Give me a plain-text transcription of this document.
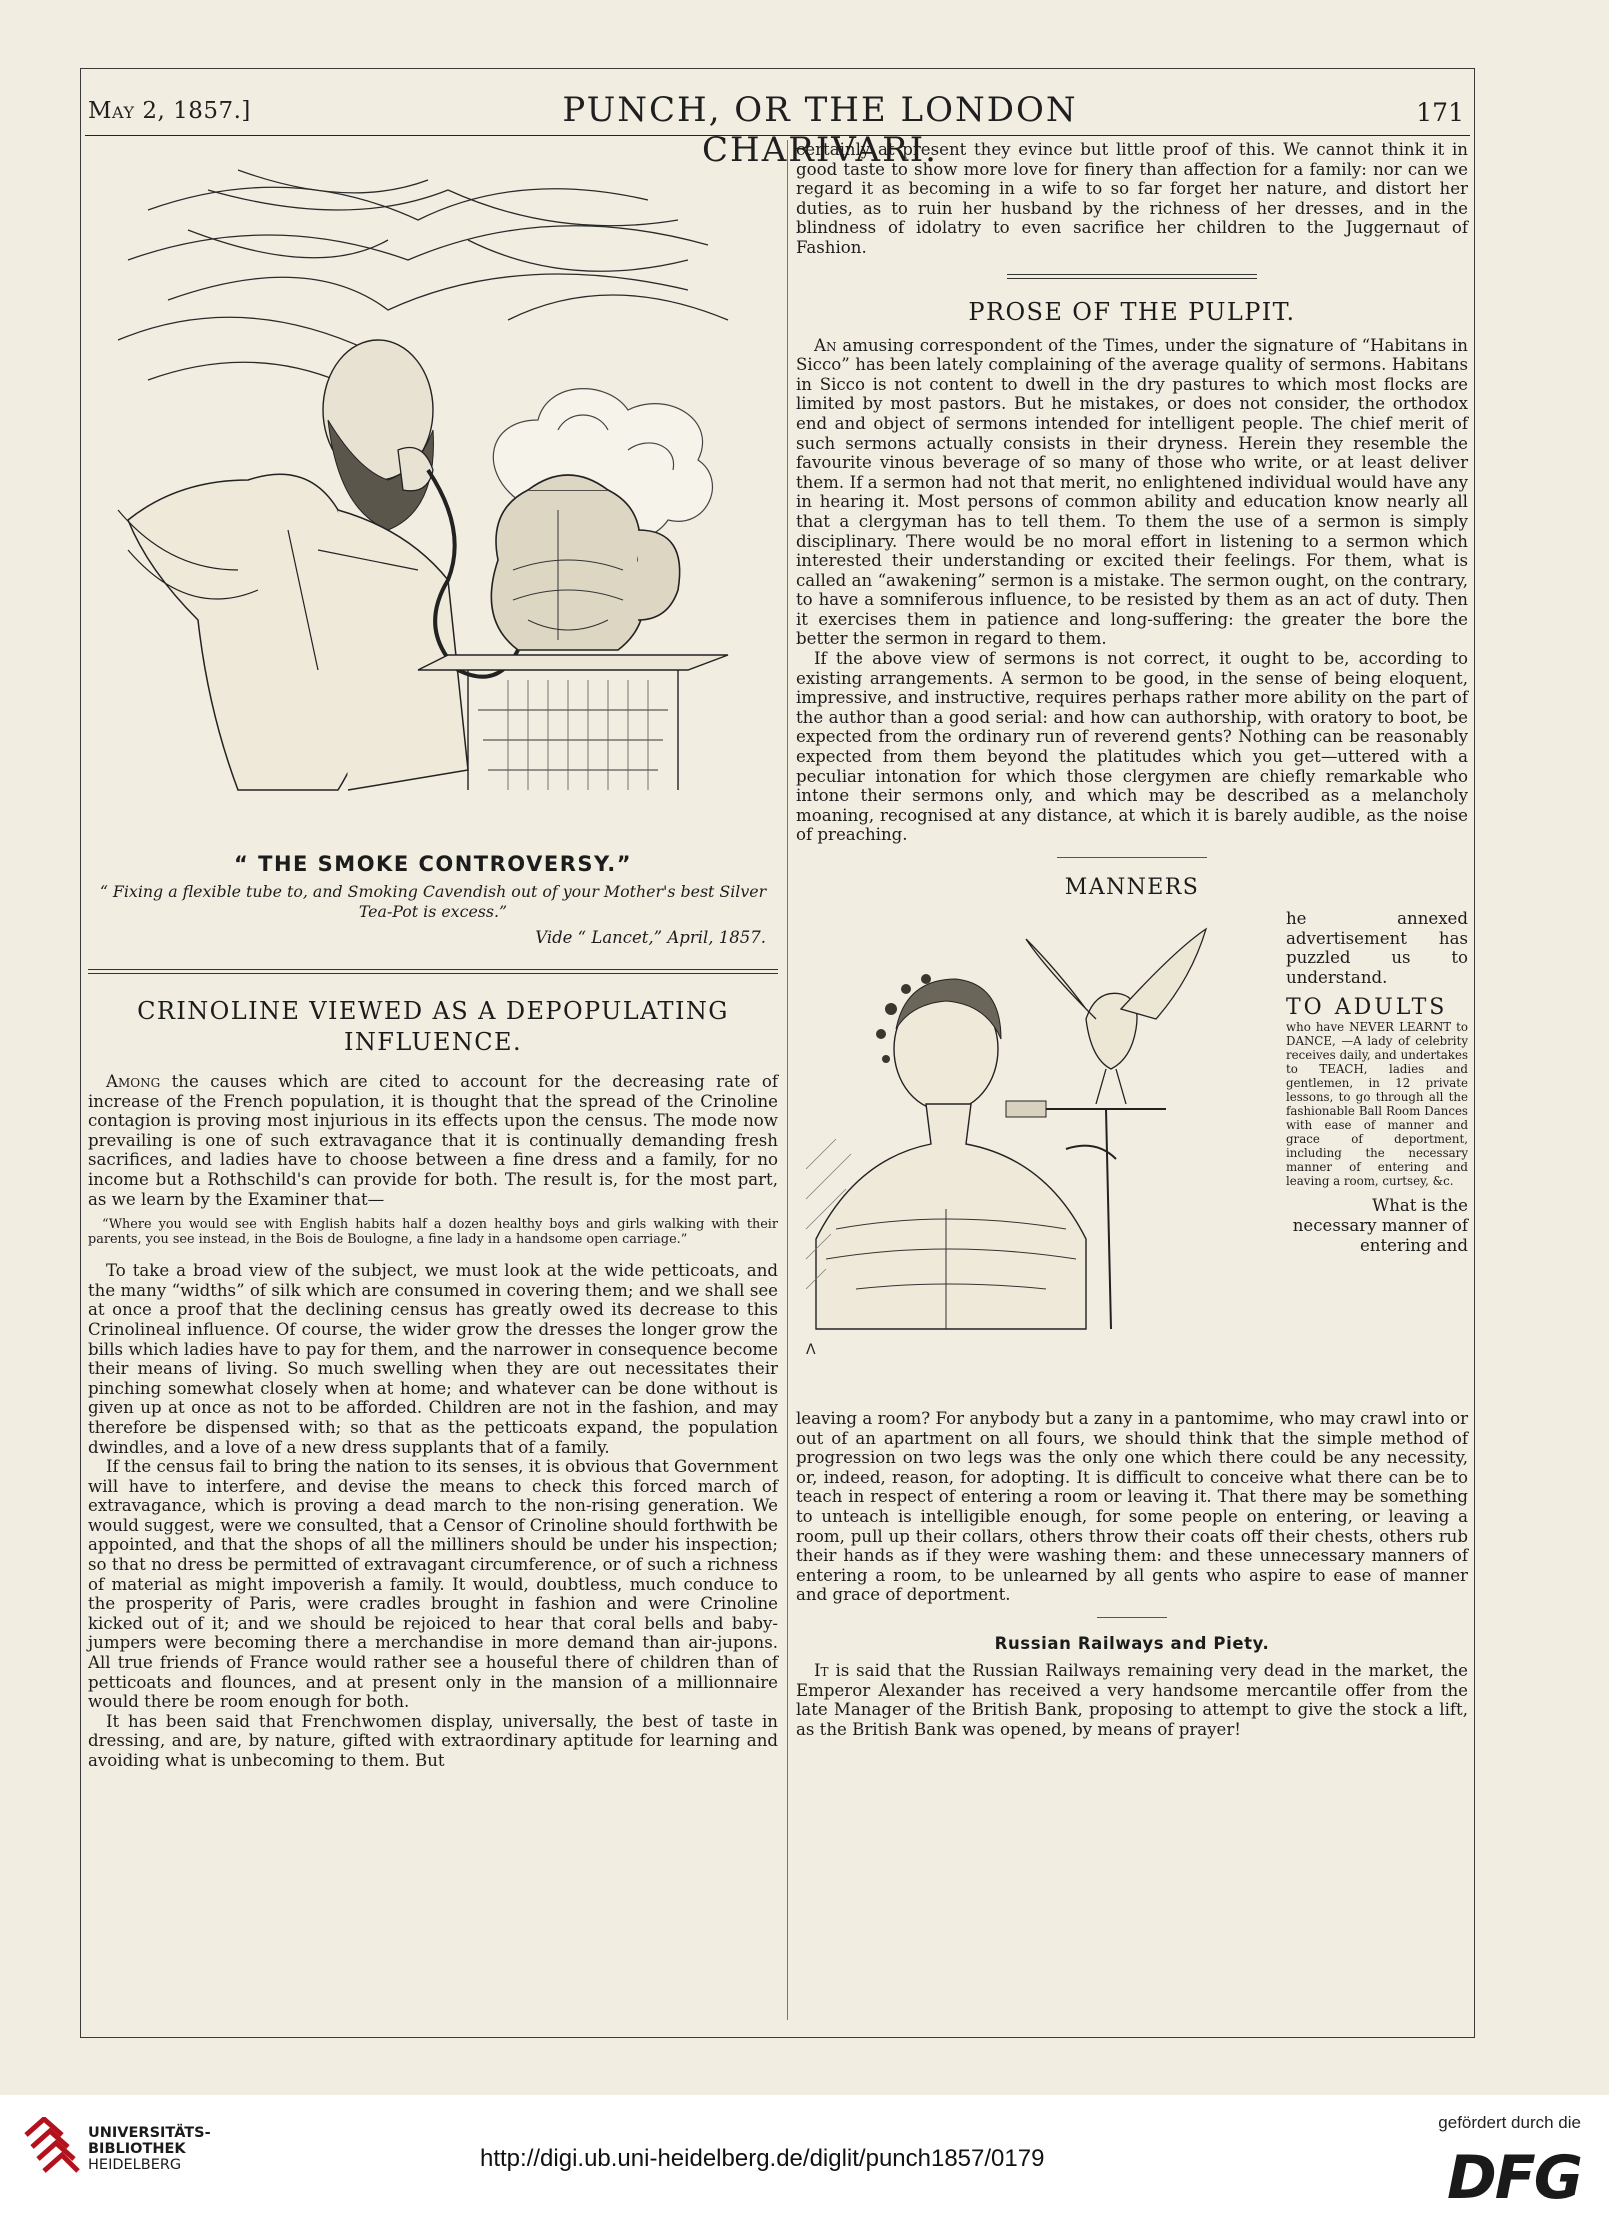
May 2, 1857.]	PUNCH, OR THE LONDON CHARIVARI.
171
“ THE SMOKE CONTROVERSY.”

“ Fixing a flexible tube to, and Smoking Cavendish out of your Mother's best Silver Tea-Pot is excess.”

Vide “ Lancet,” April, 1857.

CRINOLINE VIEWED AS A DEPOPULATING INFLUENCE.

Among the causes which are cited to account for the decreasing rate of increase of the French population, it is thought that the spread of the Crinoline contagion is proving most injurious in its effects upon the census. The mode now prevailing is one of such extravagance that it is continually demanding fresh sacrifices, and ladies have to choose between a fine dress and a family, for no income but a Rothschild's can provide for both. The result is, for the most part, as we learn by the Examiner that—

“Where you would see with English habits half a dozen healthy boys and girls walking with their parents, you see instead, in the Bois de Boulogne, a fine lady in a handsome open carriage.”

To take a broad view of the subject, we must look at the wide petticoats, and the many “widths” of silk which are consumed in covering them; and we shall see at once a proof that the declining census has greatly owed its decrease to this Crinolineal influence. Of course, the wider grow the dresses the longer grow the bills which ladies have to pay for them, and the narrower in consequence become their means of living. So much swelling when they are out necessitates their pinching somewhat closely when at home; and whatever can be done without is given up at once as not to be afforded. Children are not in the fashion, and may therefore be dispensed with; so that as the petticoats expand, the population dwindles, and a love of a new dress supplants that of a family.

If the census fail to bring the nation to its senses, it is obvious that Government will have to interfere, and devise the means to check this forced march of extravagance, which is proving a dead march to the non-rising generation. We would suggest, were we consulted, that a Censor of Crinoline should forthwith be appointed, and that the shops of all the milliners should be under his inspection; so that no dress be permitted of extravagant circumference, or of such a richness of material as might impoverish a family. It would, doubtless, much conduce to the prosperity of Paris, were cradles brought in fashion and were Crinoline kicked out of it; and we should be rejoiced to hear that coral bells and baby-jumpers were becoming there a merchandise in more demand than air-jupons. All true friends of France would rather see a houseful there of children than of petticoats and flounces, and at present only in the mansion of a millionnaire would there be room enough for both.

It has been said that Frenchwomen display, universally, the best of taste in dressing, and are, by nature, gifted with extraordinary aptitude for learning and avoiding what is unbecoming to them. But

certainly at present they evince but little proof of this. We cannot think it in good taste to show more love for finery than affection for a family: nor can we regard it as becoming in a wife to so far forget her nature, and distort her duties, as to ruin her husband by the richness of her dresses, and in the blindness of idolatry to even sacrifice her children to the Juggernaut of Fashion.

PROSE OF THE PULPIT.

An amusing correspondent of the Times, under the signature of “Habitans in Sicco” has been lately complaining of the average quality of sermons. Habitans in Sicco is not content to dwell in the dry pastures to which most flocks are limited by most pastors. But he mistakes, or does not consider, the orthodox end and object of sermons intended for intelligent people. The chief merit of such sermons actually consists in their dryness. Herein they resemble the favourite vinous beverage of so many of those who write, or at least deliver them. If a sermon had not that merit, no enlightened individual would have any in hearing it. Most persons of common ability and education know nearly all that a clergyman has to tell them. To them the use of a sermon is simply disciplinary. There would be no moral effort in listening to a sermon which interested their understanding or excited their feelings. For them, what is called an “awakening” sermon is a mistake. The sermon ought, on the contrary, to have a somniferous influence, to be resisted by them as an act of duty. Then it exercises them in patience and long-suffering: the greater the bore the better the sermon in regard to them.

If the above view of sermons is not correct, it ought to be, according to existing arrangements. A sermon to be good, in the sense of being eloquent, impressive, and instructive, requires perhaps rather more ability on the part of the author than a good serial: and how can authorship, with oratory to boot, be expected from the ordinary run of reverend gents? Nothing can be reasonably expected from them beyond the platitudes which you get—uttered with a peculiar intonation for which those clergymen are chiefly remarkable who intone their sermons only, and which may be described as a melancholy moaning, recognised at any distance, at which it is barely audible, as the noise of preaching.

MANNERS
Λ

he annexed advertisement has puzzled us to understand.

TO ADULTS

who have NEVER LEARNT to DANCE, —A lady of celebrity receives daily, and undertakes to TEACH, ladies and gentlemen, in 12 private lessons, to go through all the fashionable Ball Room Dances with ease of manner and grace of deportment, including the necessary manner of entering and leaving a room, curtsey, &c.

What is the necessary manner of entering and

leaving a room? For anybody but a zany in a pantomime, who may crawl into or out of an apartment on all fours, we should think that the simple method of progression on two legs was the only one which there could be any necessity, or, indeed, reason, for adopting. It is difficult to conceive what there can be to teach in respect of entering a room or leaving it. That there may be something to unteach is intelligible enough, for some people on entering, or leaving a room, pull up their collars, others throw their coats off their chests, others rub their hands as if they were washing them: and these unnecessary manners of entering a room, to be unlearned by all gents who aspire to ease of manner and grace of deportment.

Russian Railways and Piety.

It is said that the Russian Railways remaining very dead in the market, the Emperor Alexander has received a very handsome mercantile offer from the late Manager of the British Bank, proposing to attempt to give the stock a lift, as the British Bank was opened, by means of prayer!

UNIVERSITÄTS-
BIBLIOTHEK
HEIDELBERG	http://digi.ub.uni-heidelberg.de/diglit/punch1857/0179
gefördert durch die
DFG
